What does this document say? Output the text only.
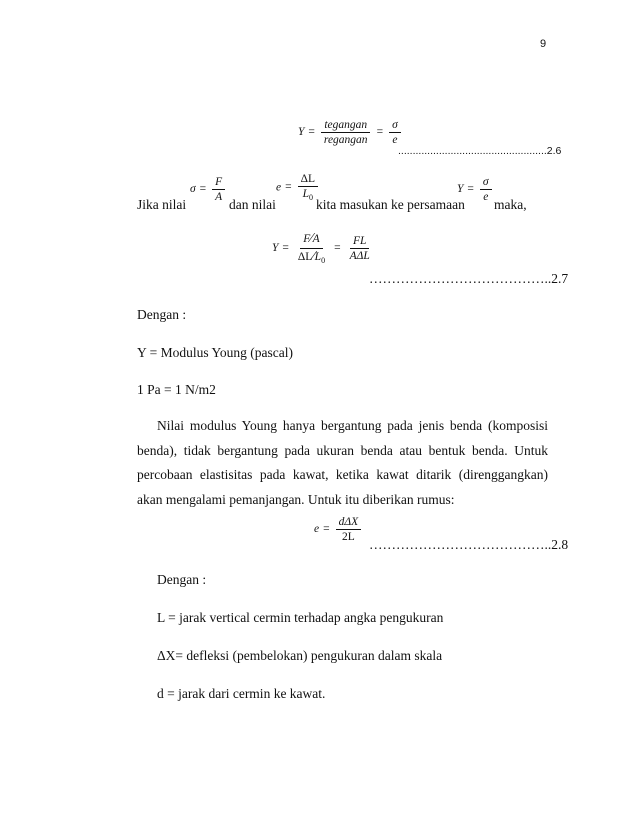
9
$Y = \frac{\text{tegangan}}{\text{regangan}} = \frac{\sigma}{e}$
...................................................2.6
Jika nilai
$\sigma = \frac{F}{A}$
dan nilai
$e = \frac{\Delta L}{L_0}$
kita masukan ke persamaan
$Y = \frac{\sigma}{e}$
maka,
$Y = \frac{F⁄A}{\Delta L⁄L_0} = \frac{FL}{\text{AΔL}}$
…………………………………..2.7
Dengan :
Y = Modulus Young (pascal)
1 Pa = 1 N/m2
Nilai modulus Young hanya bergantung pada jenis benda (komposisi benda), tidak bergantung pada ukuran benda atau bentuk benda. Untuk percobaan elastisitas pada kawat, ketika kawat ditarik (direnggangkan) akan mengalami pemanjangan. Untuk itu diberikan rumus:
$e = \frac{\text{dΔX}}{2L}$
…………………………………..2.8
Dengan :
L = jarak vertical cermin terhadap angka pengukuran
ΔX= defleksi (pembelokan) pengukuran dalam skala
d = jarak dari cermin ke kawat.
